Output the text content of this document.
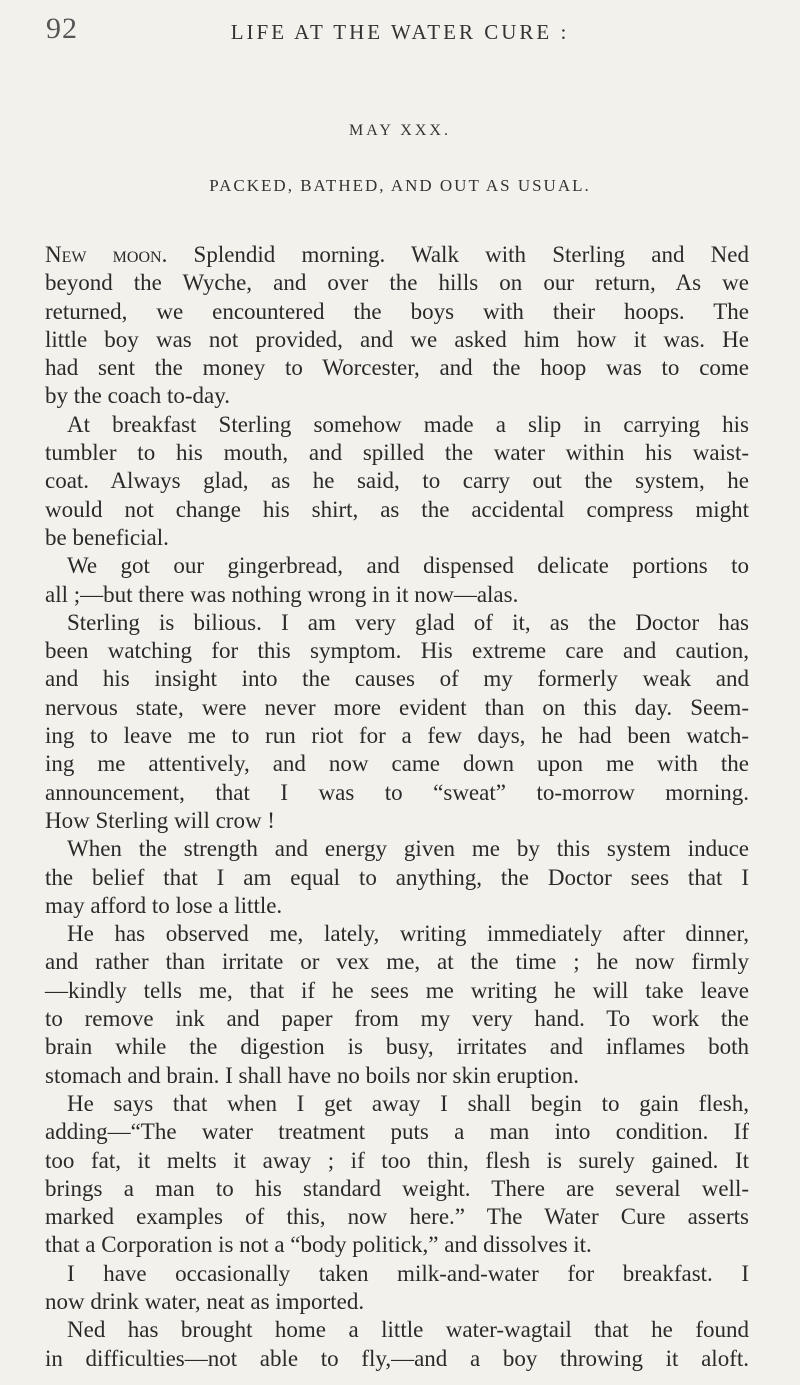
92	LIFE AT THE WATER CURE :
MAY XXX.
PACKED, BATHED, AND OUT AS USUAL.
New moon. Splendid morning. Walk with Sterling and Ned
beyond the Wyche, and over the hills on our return, As we
returned, we encountered the boys with their hoops. The
little boy was not provided, and we asked him how it was. He
had sent the money to Worcester, and the hoop was to come
by the coach to-day.
At breakfast Sterling somehow made a slip in carrying his
tumbler to his mouth, and spilled the water within his waist-
coat. Always glad, as he said, to carry out the system, he
would not change his shirt, as the accidental compress might
be beneficial.
We got our gingerbread, and dispensed delicate portions to
all ;—but there was nothing wrong in it now—alas.
Sterling is bilious. I am very glad of it, as the Doctor has
been watching for this symptom. His extreme care and caution,
and his insight into the causes of my formerly weak and
nervous state, were never more evident than on this day. Seem-
ing to leave me to run riot for a few days, he had been watch-
ing me attentively, and now came down upon me with the
announcement, that I was to “sweat” to-morrow morning.
How Sterling will crow !
When the strength and energy given me by this system induce
the belief that I am equal to anything, the Doctor sees that I
may afford to lose a little.
He has observed me, lately, writing immediately after dinner,
and rather than irritate or vex me, at the time ; he now firmly
—kindly tells me, that if he sees me writing he will take leave
to remove ink and paper from my very hand. To work the
brain while the digestion is busy, irritates and inflames both
stomach and brain. I shall have no boils nor skin eruption.
He says that when I get away I shall begin to gain flesh,
adding—“The water treatment puts a man into condition. If
too fat, it melts it away ; if too thin, flesh is surely gained. It
brings a man to his standard weight. There are several well-
marked examples of this, now here.” The Water Cure asserts
that a Corporation is not a “body politick,” and dissolves it.
I have occasionally taken milk-and-water for breakfast. I
now drink water, neat as imported.
Ned has brought home a little water-wagtail that he found
in difficulties—not able to fly,—and a boy throwing it aloft.
